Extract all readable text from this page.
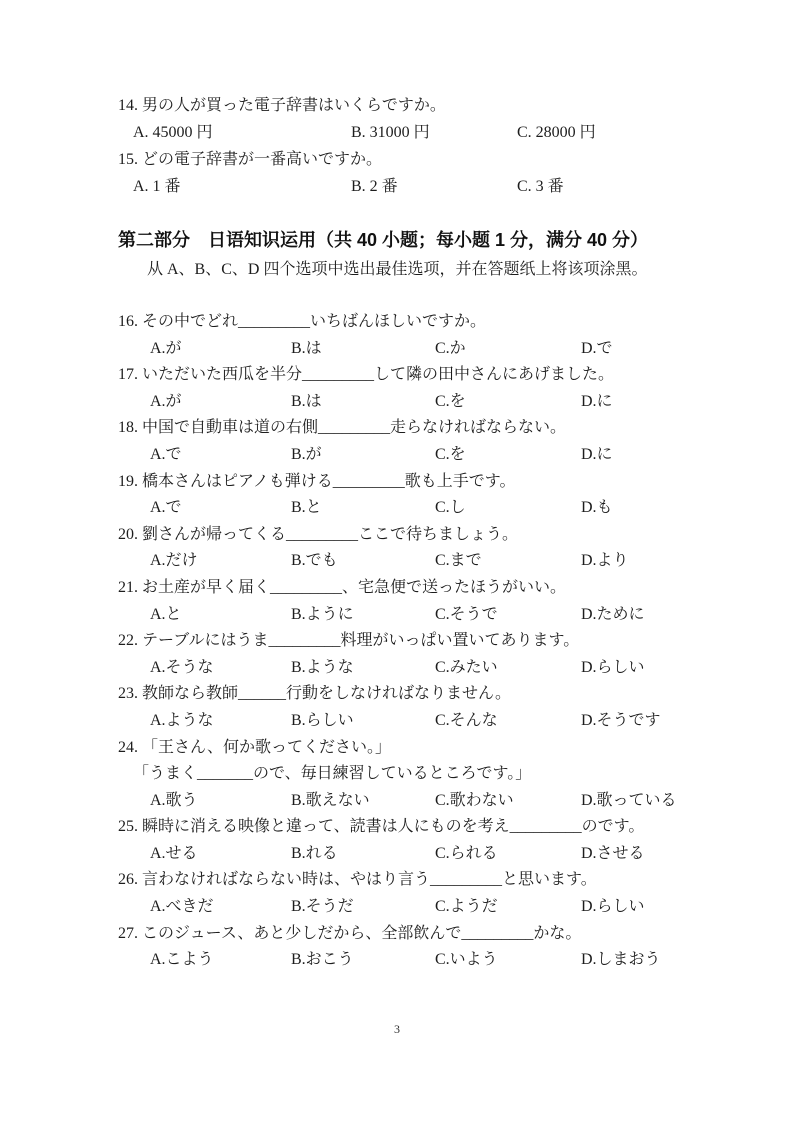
14. 男の人が買った電子辞書はいくらですか。
A. 45000 円	B. 31000 円	C. 28000 円
15. どの電子辞書が一番高いですか。
A. 1 番	B. 2 番	C. 3 番
第二部分　日语知识运用（共 40 小题；每小题 1 分，满分 40 分）
从 A、B、C、D 四个选项中选出最佳选项，并在答题纸上将该项涂黑。
16. その中でどれ_________いちばんほしいですか。
A.が	B.は	C.か	D.で
17. いただいた西瓜を半分_________して隣の田中さんにあげました。
A.が	B.は	C.を	D.に
18. 中国で自動車は道の右側_________走らなければならない。
A.で	B.が	C.を	D.に
19. 橋本さんはピアノも弾ける_________歌も上手です。
A.で	B.と	C.し	D.も
20. 劉さんが帰ってくる_________ここで待ちましょう。
A.だけ	B.でも	C.まで	D.より
21. お土産が早く届く_________、宅急便で送ったほうがいい。
A.と	B.ように	C.そうで	D.ために
22. テーブルにはうま_________料理がいっぱい置いてあります。
A.そうな	B.ような	C.みたい	D.らしい
23. 教師なら教師______行動をしなければなりません。
A.ような	B.らしい	C.そんな	D.そうです
24. 「王さん、何か歌ってください。」
「うまく_______ので、毎日練習しているところです。」
A.歌う	B.歌えない	C.歌わない	D.歌っている
25. 瞬時に消える映像と違って、読書は人にものを考え_________のです。
A.せる	B.れる	C.られる	D.させる
26. 言わなければならない時は、やはり言う_________と思います。
A.べきだ	B.そうだ	C.ようだ	D.らしい
27. このジュース、あと少しだから、全部飲んで_________かな。
A.こよう	B.おこう	C.いよう	D.しまおう
3
